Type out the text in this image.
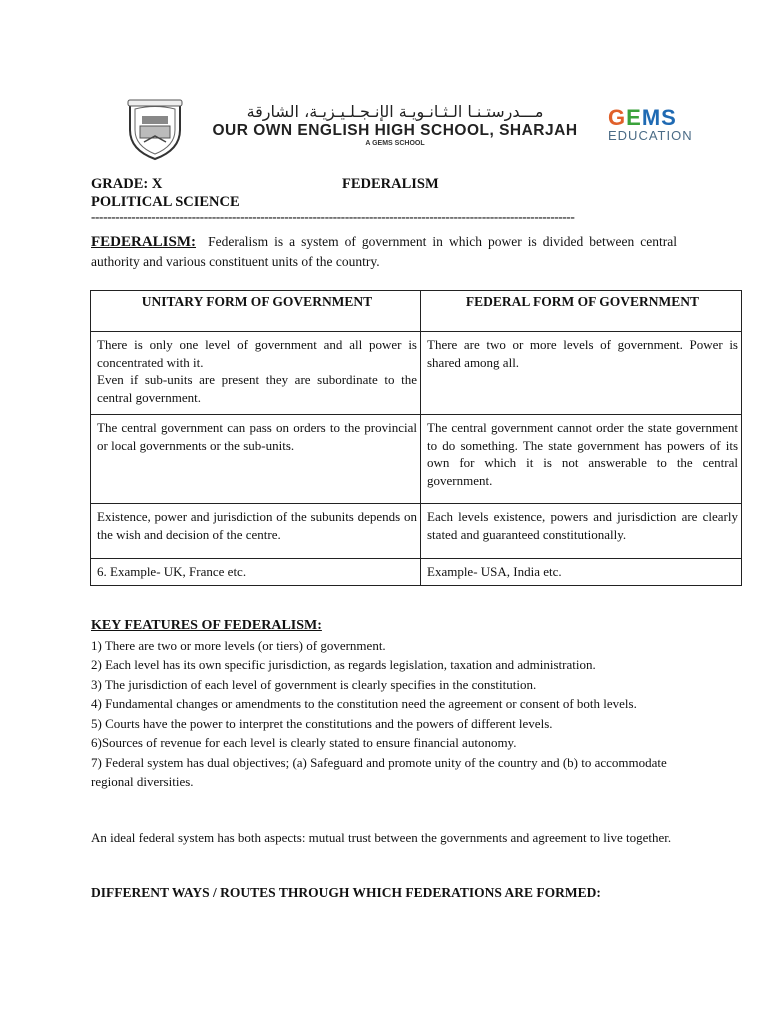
مـــدرستـنـا الـثـانـويـة الإنـجـلـيـزيـة، الشارقة
OUR OWN ENGLISH HIGH SCHOOL, SHARJAH
A GEMS SCHOOL
GEMS
EDUCATION
GRADE: X	FEDERALISM
POLITICAL SCIENCE
------------------------------------------------------------------------------------------------------------------------
FEDERALISM: Federalism is a system of government in which power is divided between central authority and various constituent units of the country.
UNITARY FORM OF GOVERNMENT	FEDERAL FORM OF GOVERNMENT
There is only one level of government and all power is concentrated with it.
Even if sub-units are present they are subordinate to the central government.	There are two or more levels of government. Power is shared among all.
The central government can pass on orders to the provincial or local governments or the sub-units.	The central government cannot order the state government to do something. The state government has powers of its own for which it is not answerable to the central government.
Existence, power and jurisdiction of the subunits depends on the wish and decision of the centre.	Each levels existence, powers and jurisdiction are clearly stated and guaranteed constitutionally.
6. Example- UK, France etc.	Example- USA, India etc.
KEY FEATURES OF FEDERALISM:
1) There are two or more levels (or tiers) of government.
2) Each level has its own specific jurisdiction, as regards legislation, taxation and administration.
3) The jurisdiction of each level of government is clearly specifies in the constitution.
4) Fundamental changes or amendments to the constitution need the agreement or consent of both levels.
5) Courts have the power to interpret the constitutions and the powers of different levels.
6)Sources of revenue for each level is clearly stated to ensure financial autonomy.
7) Federal system has dual objectives; (a) Safeguard and promote unity of the country and (b) to accommodate regional diversities.
An ideal federal system has both aspects: mutual trust between the governments and agreement to live together.
DIFFERENT WAYS / ROUTES THROUGH WHICH FEDERATIONS ARE FORMED:
